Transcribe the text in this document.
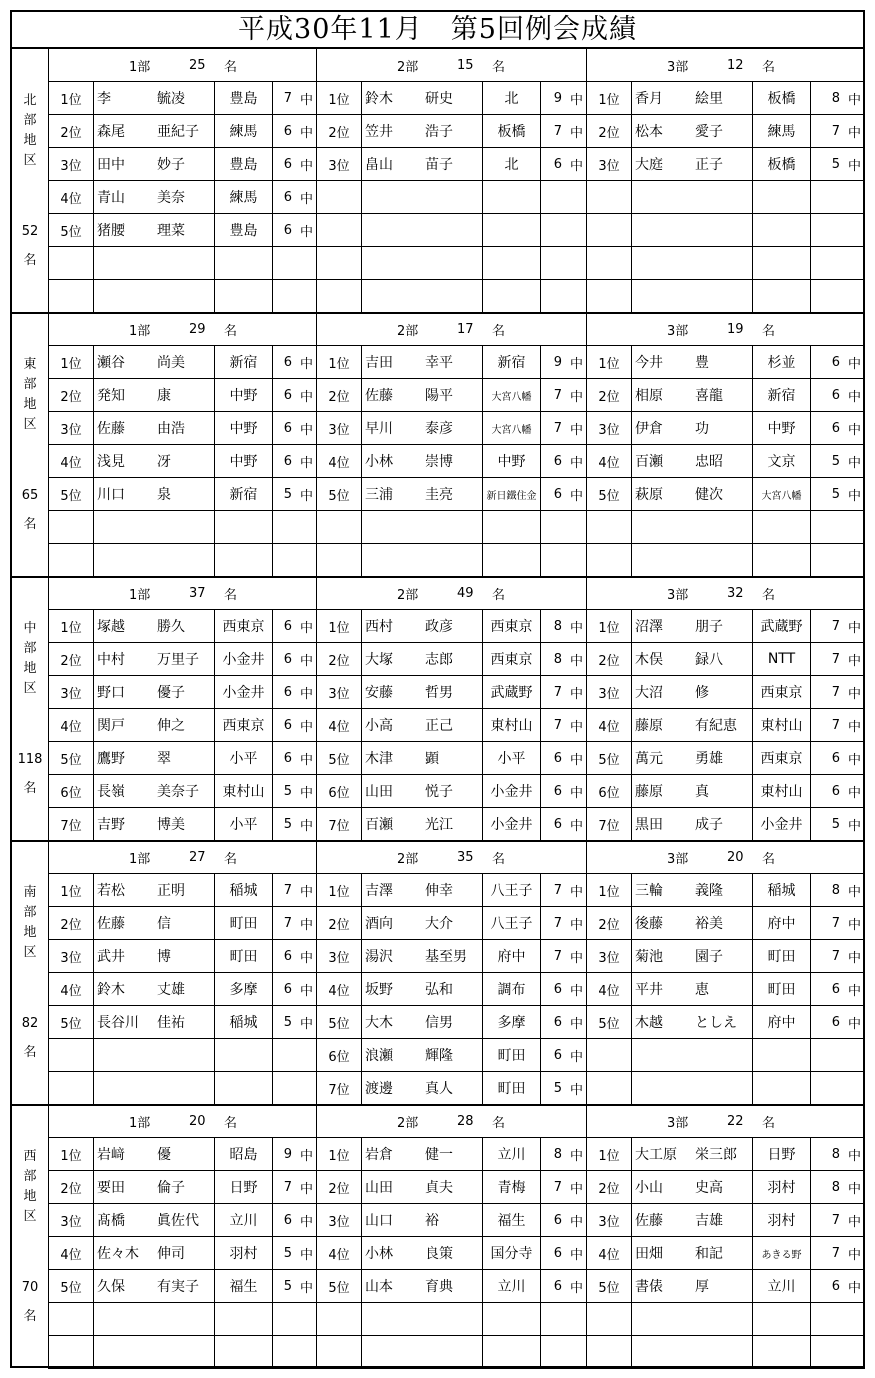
平成30年11月　第5回例会成績
北
部
地
区
52
名
1部	25 名
1位 李	毓凌	豊島 7 中
2位 森尾	亜紀子 練馬 6 中
3位 田中	妙子	豊島 6 中
4位 青山	美奈	練馬 6 中
5位 猪腰	理菜	豊島 6 中
2部	15 名
1位 鈴木	研史	北	9 中
2位 笠井	浩子	板橋 7 中
3位 畠山	苗子	北	6 中
3部	12 名
1位 香月	絵里	板橋	8 中
2位 松本	愛子	練馬	7 中
3位 大庭	正子	板橋	5 中
東
部
地
区
65
名
1部	29 名
1位 瀬谷	尚美	新宿 6 中
2位 発知	康	中野 6 中
3位 佐藤	由浩	中野 6 中
4位 浅見	冴	中野 6 中
5位 川口	泉	新宿 5 中
2部	17 名
1位 吉田	幸平	新宿 9 中
2位 佐藤	陽平	大宮八幡 7 中
3位 早川	泰彦	大宮八幡 7 中
4位 小林	崇博	中野 6 中
5位 三浦	圭亮	新日鐵住金 6 中
3部	19 名
1位 今井	豊	杉並	6 中
2位 相原	喜龍	新宿	6 中
3位 伊倉	功	中野	6 中
4位 百瀬	忠昭	文京	5 中
5位 萩原	健次	大宮八幡 5 中
中
部
地
区
118
名
1部	37 名
1位 塚越	勝久	西東京 6 中
2位 中村	万里子 小金井 6 中
3位 野口	優子	小金井 6 中
4位 関戸	伸之	西東京 6 中
5位 鷹野	翠	小平 6 中
6位 長嶺	美奈子 東村山 5 中
7位 吉野	博美	小平 5 中
2部	49 名
1位 西村	政彦	西東京 8 中
2位 大塚	志郎	西東京 8 中
3位 安藤	哲男	武蔵野 7 中
4位 小高	正己	東村山 7 中
5位 木津	顕	小平 6 中
6位 山田	悦子	小金井 6 中
7位 百瀬	光江	小金井 6 中
3部	32 名
1位 沼澤	朋子	武蔵野 7 中
2位 木俣	録八	NTT	7 中
3位 大沼	修	西東京 7 中
4位 藤原	有紀恵 東村山 7 中
5位 萬元	勇雄	西東京 6 中
6位 藤原	真	東村山 6 中
7位 黒田	成子	小金井 5 中
南
部
地
区
82
名
1部	27 名
1位 若松	正明	稲城 7 中
2位 佐藤	信	町田 7 中
3位 武井	博	町田 6 中
4位 鈴木	丈雄	多摩 6 中
5位 長谷川	佳祐	稲城 5 中
2部	35 名
1位 吉澤	伸幸	八王子 7 中
2位 酒向	大介	八王子 7 中
3位 湯沢	基至男 府中 7 中
4位 坂野	弘和	調布 6 中
5位 大木	信男	多摩 6 中
6位 浪瀬	輝隆	町田 6 中
7位 渡邊	真人	町田 5 中
3部	20 名
1位 三輪	義隆	稲城	8 中
2位 後藤	裕美	府中	7 中
3位 菊池	園子	町田	7 中
4位 平井	恵	町田	6 中
5位 木越	としえ 府中	6 中
西
部
地
区
70
名
1部	20 名
1位 岩﨑	優	昭島 9 中
2位 要田	倫子	日野 7 中
3位 髙橋	眞佐代 立川 6 中
4位 佐々木	伸司	羽村 5 中
5位 久保	有実子 福生 5 中
2部	28 名
1位 岩倉	健一	立川 8 中
2位 山田	貞夫	青梅 7 中
3位 山口	裕	福生 6 中
4位 小林	良策	国分寺 6 中
5位 山本	育典	立川 6 中
3部	22 名
1位 大工原	栄三郎 日野	8 中
2位 小山	史高	羽村	8 中
3位 佐藤	吉雄	羽村	7 中
4位 田畑	和記	あきる野 7 中
5位 書俵	厚	立川	6 中
